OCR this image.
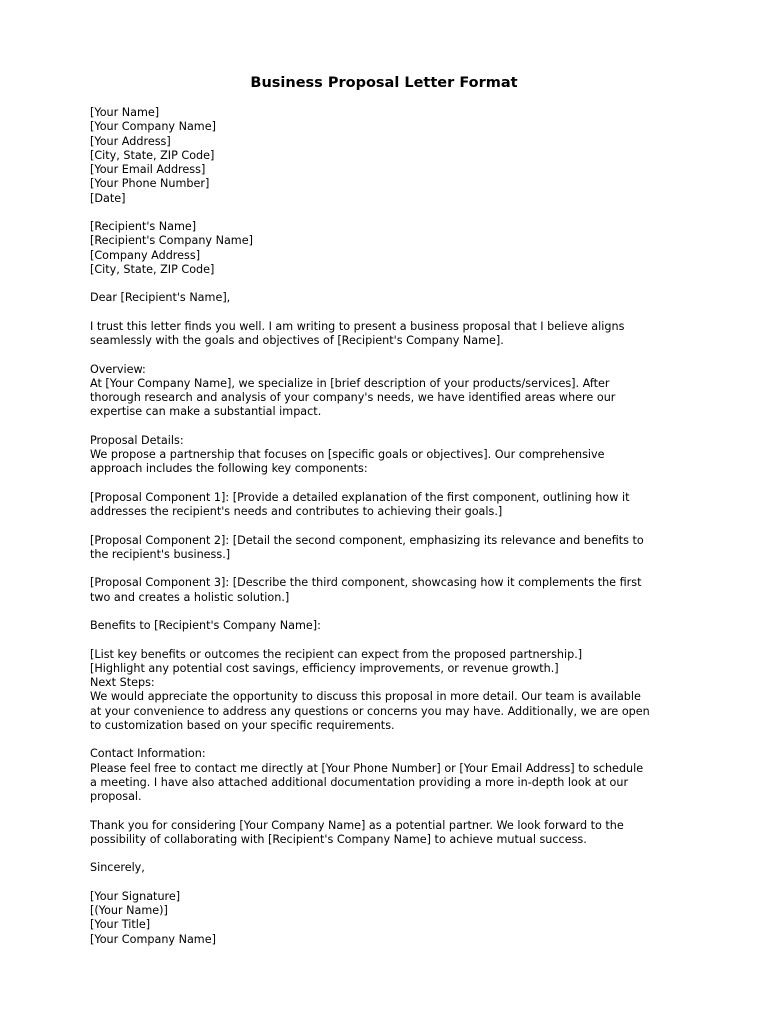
Business Proposal Letter Format
[Your Name]
[Your Company Name]
[Your Address]
[City, State, ZIP Code]
[Your Email Address]
[Your Phone Number]
[Date]
[Recipient's Name]
[Recipient's Company Name]
[Company Address]
[City, State, ZIP Code]
Dear [Recipient's Name],
I trust this letter finds you well. I am writing to present a business proposal that I believe aligns
seamlessly with the goals and objectives of [Recipient's Company Name].
Overview:
At [Your Company Name], we specialize in [brief description of your products/services]. After
thorough research and analysis of your company's needs, we have identified areas where our
expertise can make a substantial impact.
Proposal Details:
We propose a partnership that focuses on [specific goals or objectives]. Our comprehensive
approach includes the following key components:
[Proposal Component 1]: [Provide a detailed explanation of the first component, outlining how it
addresses the recipient's needs and contributes to achieving their goals.]
[Proposal Component 2]: [Detail the second component, emphasizing its relevance and benefits to
the recipient's business.]
[Proposal Component 3]: [Describe the third component, showcasing how it complements the first
two and creates a holistic solution.]
Benefits to [Recipient's Company Name]:
[List key benefits or outcomes the recipient can expect from the proposed partnership.]
[Highlight any potential cost savings, efficiency improvements, or revenue growth.]
Next Steps:
We would appreciate the opportunity to discuss this proposal in more detail. Our team is available
at your convenience to address any questions or concerns you may have. Additionally, we are open
to customization based on your specific requirements.
Contact Information:
Please feel free to contact me directly at [Your Phone Number] or [Your Email Address] to schedule
a meeting. I have also attached additional documentation providing a more in-depth look at our
proposal.
Thank you for considering [Your Company Name] as a potential partner. We look forward to the
possibility of collaborating with [Recipient's Company Name] to achieve mutual success.
Sincerely,
[Your Signature]
[(Your Name)]
[Your Title]
[Your Company Name]
